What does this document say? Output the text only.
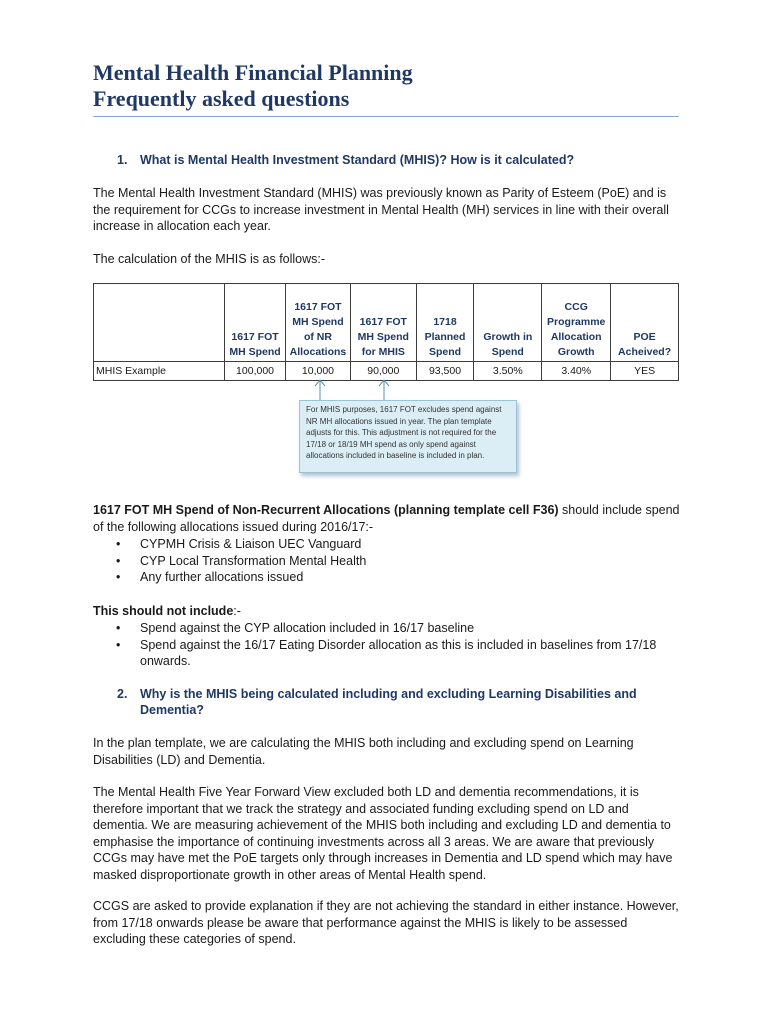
Mental Health Financial Planning
Frequently asked questions
1. What is Mental Health Investment Standard (MHIS)? How is it calculated?
The Mental Health Investment Standard (MHIS) was previously known as Parity of Esteem (PoE) and is the requirement for CCGs to increase investment in Mental Health (MH) services in line with their overall increase in allocation each year.
The calculation of the MHIS is as follows:-

	1617 FOT MH Spend	1617 FOT MH Spend of NR Allocations	1617 FOT MH Spend for MHIS	1718 Planned Spend	Growth in Spend	CCG Programme Allocation Growth	POE Acheived?

MHIS Example	100,000	10,000	90,000	93,500	3.50%	3.40%	YES
For MHIS purposes, 1617 FOT excludes spend against NR MH allocations issued in year. The plan template adjusts for this. This adjustment is not required for the 17/18 or 18/19 MH spend as only spend against allocations included in baseline is included in plan.
1617 FOT MH Spend of Non-Recurrent Allocations (planning template cell F36) should include spend of the following allocations issued during 2016/17:-
• CYPMH Crisis & Liaison UEC Vanguard
• CYP Local Transformation Mental Health
• Any further allocations issued
This should not include:-
• Spend against the CYP allocation included in 16/17 baseline
• Spend against the 16/17 Eating Disorder allocation as this is included in baselines from 17/18 onwards.
2. Why is the MHIS being calculated including and excluding Learning Disabilities and Dementia?
In the plan template, we are calculating the MHIS both including and excluding spend on Learning Disabilities (LD) and Dementia.
The Mental Health Five Year Forward View excluded both LD and dementia recommendations, it is therefore important that we track the strategy and associated funding excluding spend on LD and dementia. We are measuring achievement of the MHIS both including and excluding LD and dementia to emphasise the importance of continuing investments across all 3 areas. We are aware that previously CCGs may have met the PoE targets only through increases in Dementia and LD spend which may have masked disproportionate growth in other areas of Mental Health spend.
CCGS are asked to provide explanation if they are not achieving the standard in either instance. However, from 17/18 onwards please be aware that performance against the MHIS is likely to be assessed excluding these categories of spend.
